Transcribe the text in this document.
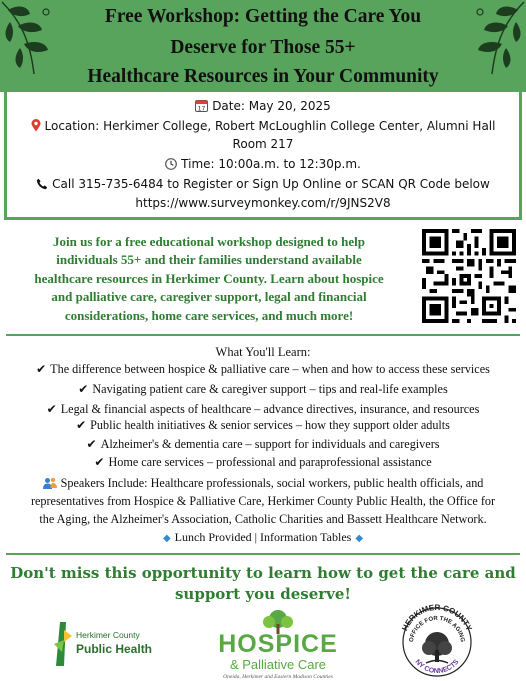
Free Workshop: Getting the Care You
Deserve for Those 55+
Healthcare Resources in Your Community
17 Date: May 20, 2025
Location: Herkimer College, Robert McLoughlin College Center, Alumni Hall
Room 217
Time: 10:00a.m. to 12:30p.m.
Call 315-735-6484 to Register or Sign Up Online or SCAN QR Code below
https://www.surveymonkey.com/r/9JNS2V8
Join us for a free educational workshop designed to help
individuals 55+ and their families understand available
healthcare resources in Herkimer County. Learn about hospice
and palliative care, caregiver support, legal and financial
considerations, home care services, and much more!
What You'll Learn:
✔ The difference between hospice & palliative care – when and how to access these services
✔ Navigating patient care & caregiver support – tips and real-life examples
✔ Legal & financial aspects of healthcare – advance directives, insurance, and resources
✔ Public health initiatives & senior services – how they support older adults
✔ Alzheimer's & dementia care – support for individuals and caregivers
✔ Home care services – professional and paraprofessional assistance
Speakers Include: Healthcare professionals, social workers, public health officials, and
representatives from Hospice & Palliative Care, Herkimer County Public Health, the Office for
the Aging, the Alzheimer's Association, Catholic Charities and Bassett Healthcare Network.
◆ Lunch Provided | Information Tables ◆
Don't miss this opportunity to learn how to get the care and
support you deserve!
Herkimer County
Public Health	HOSPICE
& Palliative Care
Oneida, Herkimer and Eastern Madison Counties
HERKIMER COUNTY
OFFICE FOR THE AGING
NY CONNECTS
